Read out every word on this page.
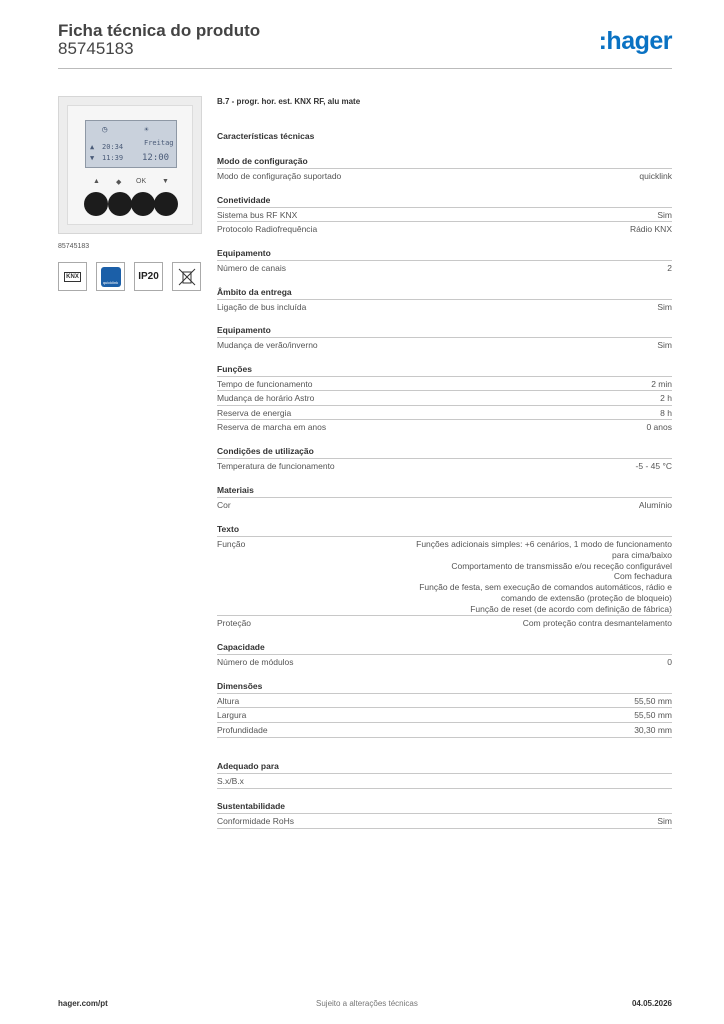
Ficha técnica do produto
85745183	:hager
◷	☀
▲
▼
20:34
11:39
Freitag
12:00
▲ ◆ OK ▼
85745183
KNX
quicklink IP20
B.7 - progr. hor. est. KNX RF, alu mate
Características técnicas
Modo de configuração
Modo de configuração suportado	quicklink
Conetividade
Sistema bus RF KNX	Sim
Protocolo Radiofrequência	Rádio KNX
Equipamento
Número de canais	2
Âmbito da entrega
Ligação de bus incluída	Sim
Equipamento
Mudança de verão/inverno	Sim
Funções
Tempo de funcionamento	2 min
Mudança de horário Astro	2 h
Reserva de energia	8 h
Reserva de marcha em anos	0 anos
Condições de utilização
Temperatura de funcionamento	-5 - 45 °C
Materiais
Cor	Alumínio
Texto
Função	Funções adicionais simples: +6 cenários, 1 modo de funcionamento
para cima/baixo
Comportamento de transmissão e/ou receção configurável
Com fechadura
Função de festa, sem execução de comandos automáticos, rádio e
comando de extensão (proteção de bloqueio)
Função de reset (de acordo com definição de fábrica)
Proteção	Com proteção contra desmantelamento
Capacidade
Número de módulos	0
Dimensões
Altura	55,50 mm
Largura	55,50 mm
Profundidade	30,30 mm
Adequado para
S.x/B.x
Sustentabilidade
Conformidade RoHs	Sim
hager.com/pt	Sujeito a alterações técnicas	04.05.2026
